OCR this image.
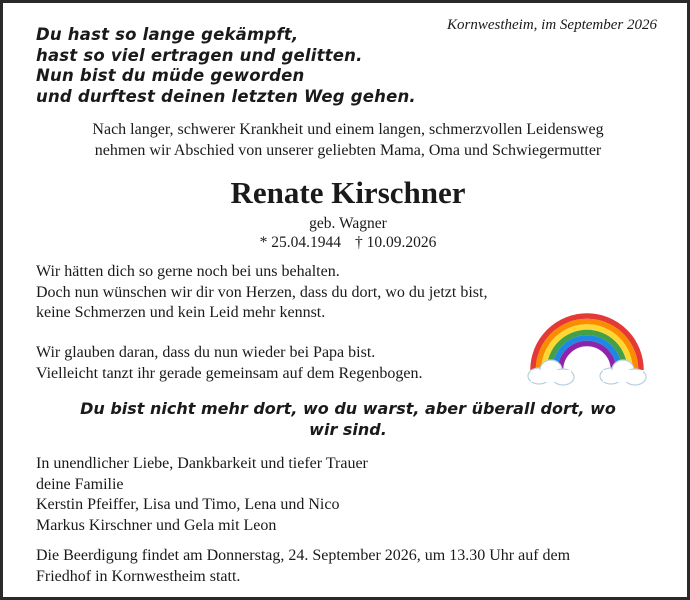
Kornwestheim, im September 2026
Du hast so lange gekämpft,
hast so viel ertragen und gelitten.
Nun bist du müde geworden
und durftest deinen letzten Weg gehen.
Nach langer, schwerer Krankheit und einem langen, schmerzvollen Leidensweg
nehmen wir Abschied von unserer geliebten Mama, Oma und Schwiegermutter
Renate Kirschner
geb. Wagner
* 25.04.1944 † 10.09.2026
Wir hätten dich so gerne noch bei uns behalten.
Doch nun wünschen wir dir von Herzen, dass du dort, wo du jetzt bist,
keine Schmerzen und kein Leid mehr kennst.
Wir glauben daran, dass du nun wieder bei Papa bist.
Vielleicht tanzt ihr gerade gemeinsam auf dem Regenbogen.
Du bist nicht mehr dort, wo du warst, aber überall dort, wo
wir sind.
In unendlicher Liebe, Dankbarkeit und tiefer Trauer
deine Familie
Kerstin Pfeiffer, Lisa und Timo, Lena und Nico
Markus Kirschner und Gela mit Leon
Die Beerdigung findet am Donnerstag, 24. September 2026, um 13.30 Uhr auf dem
Friedhof in Kornwestheim statt.
